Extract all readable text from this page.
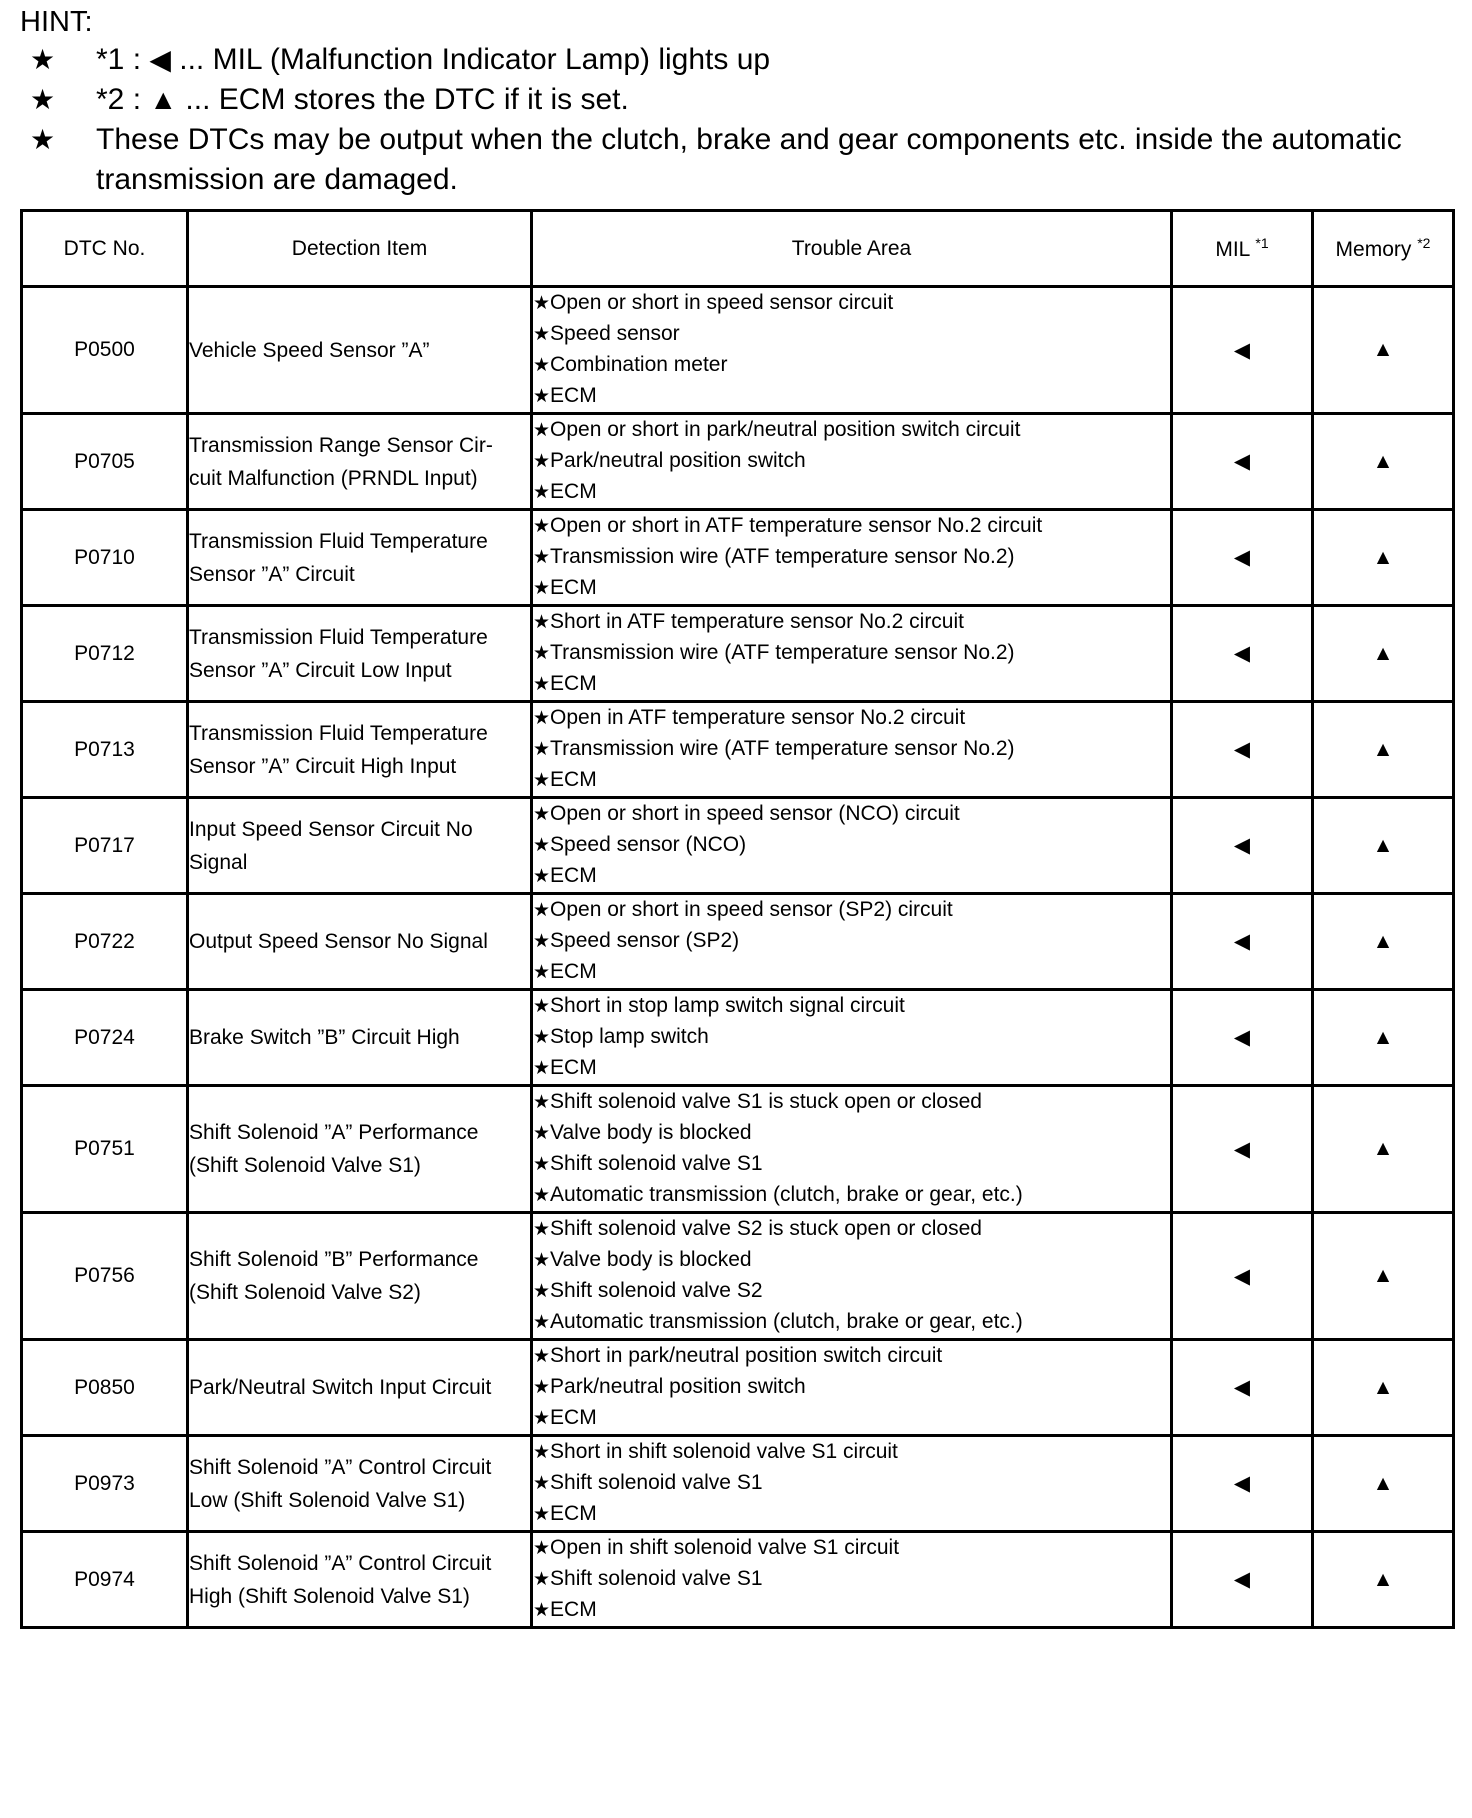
HINT:
★	*1 : ◀ ... MIL (Malfunction Indicator Lamp) lights up
★	*2 : ▲ ... ECM stores the DTC if it is set.
★	These DTCs may be output when the clutch, brake and gear components etc. inside the automatic transmission are damaged.
DTC No.	Detection Item	Trouble Area	MIL $^{*1}$	Memory $^{*2}$
P0500	Vehicle Speed Sensor ”A”	★Open or short in speed sensor circuit
★Speed sensor
★Combination meter
★ECM	◀	▲
P0705	Transmission Range Sensor Cir- cuit Malfunction (PRNDL Input)	★Open or short in park/neutral position switch circuit
★Park/neutral position switch
★ECM	◀	▲
P0710	Transmission Fluid Temperature Sensor ”A” Circuit	★Open or short in ATF temperature sensor No.2 circuit
★Transmission wire (ATF temperature sensor No.2)
★ECM	◀	▲
P0712	Transmission Fluid Temperature Sensor ”A” Circuit Low Input	★Short in ATF temperature sensor No.2 circuit
★Transmission wire (ATF temperature sensor No.2)
★ECM	◀	▲
P0713	Transmission Fluid Temperature Sensor ”A” Circuit High Input	★Open in ATF temperature sensor No.2 circuit
★Transmission wire (ATF temperature sensor No.2)
★ECM	◀	▲
P0717	Input Speed Sensor Circuit No Signal	★Open or short in speed sensor (NCO) circuit
★Speed sensor (NCO)
★ECM	◀	▲
P0722	Output Speed Sensor No Signal	★Open or short in speed sensor (SP2) circuit
★Speed sensor (SP2)
★ECM	◀	▲
P0724	Brake Switch ”B” Circuit High	★Short in stop lamp switch signal circuit
★Stop lamp switch
★ECM	◀	▲
P0751	Shift Solenoid ”A” Performance (Shift Solenoid Valve S1)	★Shift solenoid valve S1 is stuck open or closed
★Valve body is blocked
★Shift solenoid valve S1
★Automatic transmission (clutch, brake or gear, etc.)	◀	▲
P0756	Shift Solenoid ”B” Performance (Shift Solenoid Valve S2)	★Shift solenoid valve S2 is stuck open or closed
★Valve body is blocked
★Shift solenoid valve S2
★Automatic transmission (clutch, brake or gear, etc.)	◀	▲
P0850	Park/Neutral Switch Input Circuit	★Short in park/neutral position switch circuit
★Park/neutral position switch
★ECM	◀	▲
P0973	Shift Solenoid ”A” Control Circuit Low (Shift Solenoid Valve S1)	★Short in shift solenoid valve S1 circuit
★Shift solenoid valve S1
★ECM	◀	▲
P0974	Shift Solenoid ”A” Control Circuit High (Shift Solenoid Valve S1)	★Open in shift solenoid valve S1 circuit
★Shift solenoid valve S1
★ECM	◀	▲
